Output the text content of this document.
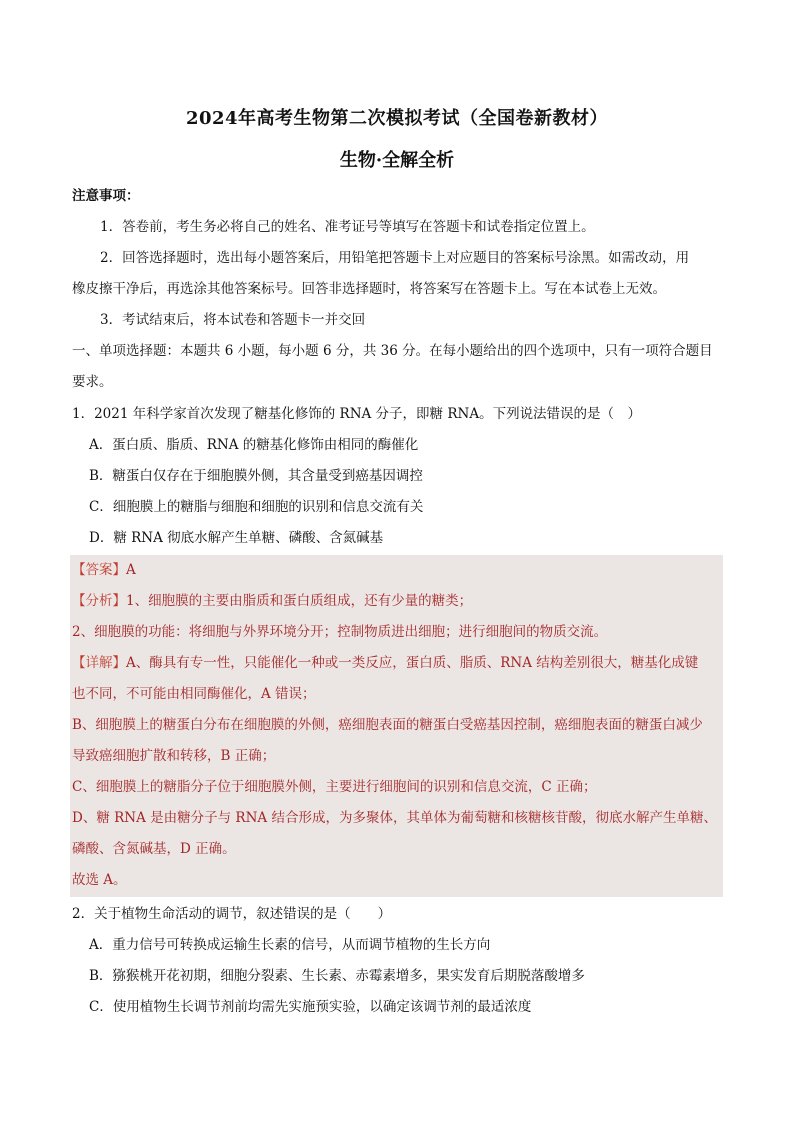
2024年高考生物第二次模拟考试（全国卷新教材）
生物·全解全析
注意事项：
1．答卷前，考生务必将自己的姓名、准考证号等填写在答题卡和试卷指定位置上。
2．回答选择题时，选出每小题答案后，用铅笔把答题卡上对应题目的答案标号涂黑。如需改动，用
橡皮擦干净后，再选涂其他答案标号。回答非选择题时，将答案写在答题卡上。写在本试卷上无效。
3．考试结束后，将本试卷和答题卡一并交回
一、单项选择题：本题共 6 小题，每小题 6 分，共 36 分。在每小题给出的四个选项中，只有一项符合题目
要求。
1．2021 年科学家首次发现了糖基化修饰的 RNA 分子，即糖 RNA。下列说法错误的是（　）
A．蛋白质、脂质、RNA 的糖基化修饰由相同的酶催化
B．糖蛋白仅存在于细胞膜外侧，其含量受到癌基因调控
C．细胞膜上的糖脂与细胞和细胞的识别和信息交流有关
D．糖 RNA 彻底水解产生单糖、磷酸、含氮碱基
【答案】A
【分析】1、细胞膜的主要由脂质和蛋白质组成，还有少量的糖类；
2、细胞膜的功能：将细胞与外界环境分开；控制物质进出细胞；进行细胞间的物质交流。
【详解】A、酶具有专一性，只能催化一种或一类反应，蛋白质、脂质、RNA 结构差别很大，糖基化成键
也不同，不可能由相同酶催化，A 错误；
B、细胞膜上的糖蛋白分布在细胞膜的外侧，癌细胞表面的糖蛋白受癌基因控制，癌细胞表面的糖蛋白减少
导致癌细胞扩散和转移，B 正确；
C、细胞膜上的糖脂分子位于细胞膜外侧，主要进行细胞间的识别和信息交流，C 正确；
D、糖 RNA 是由糖分子与 RNA 结合形成，为多聚体，其单体为葡萄糖和核糖核苷酸，彻底水解产生单糖、
磷酸、含氮碱基，D 正确。
故选 A。
2．关于植物生命活动的调节，叙述错误的是（　　）
A．重力信号可转换成运输生长素的信号，从而调节植物的生长方向
B．猕猴桃开花初期，细胞分裂素、生长素、赤霉素增多，果实发育后期脱落酸增多
C．使用植物生长调节剂前均需先实施预实验，以确定该调节剂的最适浓度
